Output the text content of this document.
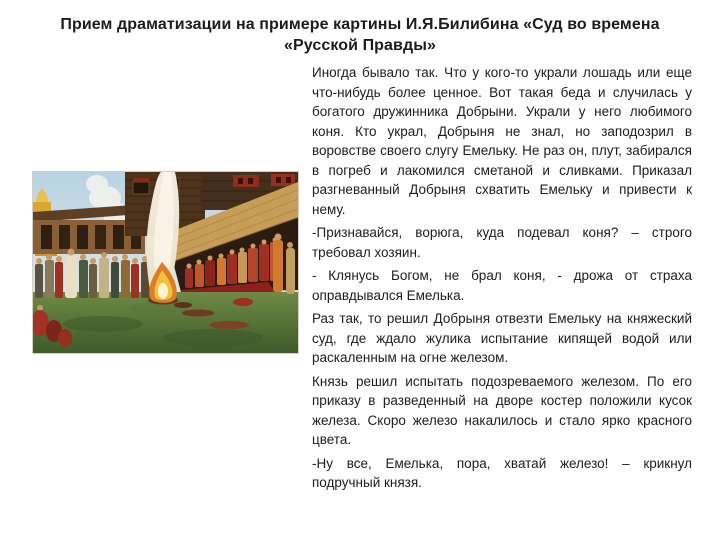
Прием драматизации на примере картины И.Я.Билибина «Суд во времена
«Русской Правды»

Иногда бывало так. Что у кого-то украли лошадь или еще что-нибудь более ценное. Вот такая беда и случилась у богатого дружинника Добрыни. Украли у него любимого коня. Кто украл, Добрыня не знал, но заподозрил в воровстве своего слугу Емельку. Не раз он, плут, забирался в погреб и лакомился сметаной и сливками. Приказал разгневанный Добрыня схватить Емельку и привести к нему.

-Признавайся, ворюга, куда подевал коня? – строго требовал хозяин.

- Клянусь Богом, не брал коня, - дрожа от страха оправдывался Емелька.

Раз так, то решил Добрыня отвезти Емельку на княжеский суд, где ждало жулика испытание кипящей водой или раскаленным на огне железом.

Князь решил испытать подозреваемого железом. По его приказу в разведенный на дворе костер положили кусок железа. Скоро железо накалилось и стало ярко красного цвета.

-Ну все, Емелька, пора, хватай железо! – крикнул подручный князя.
